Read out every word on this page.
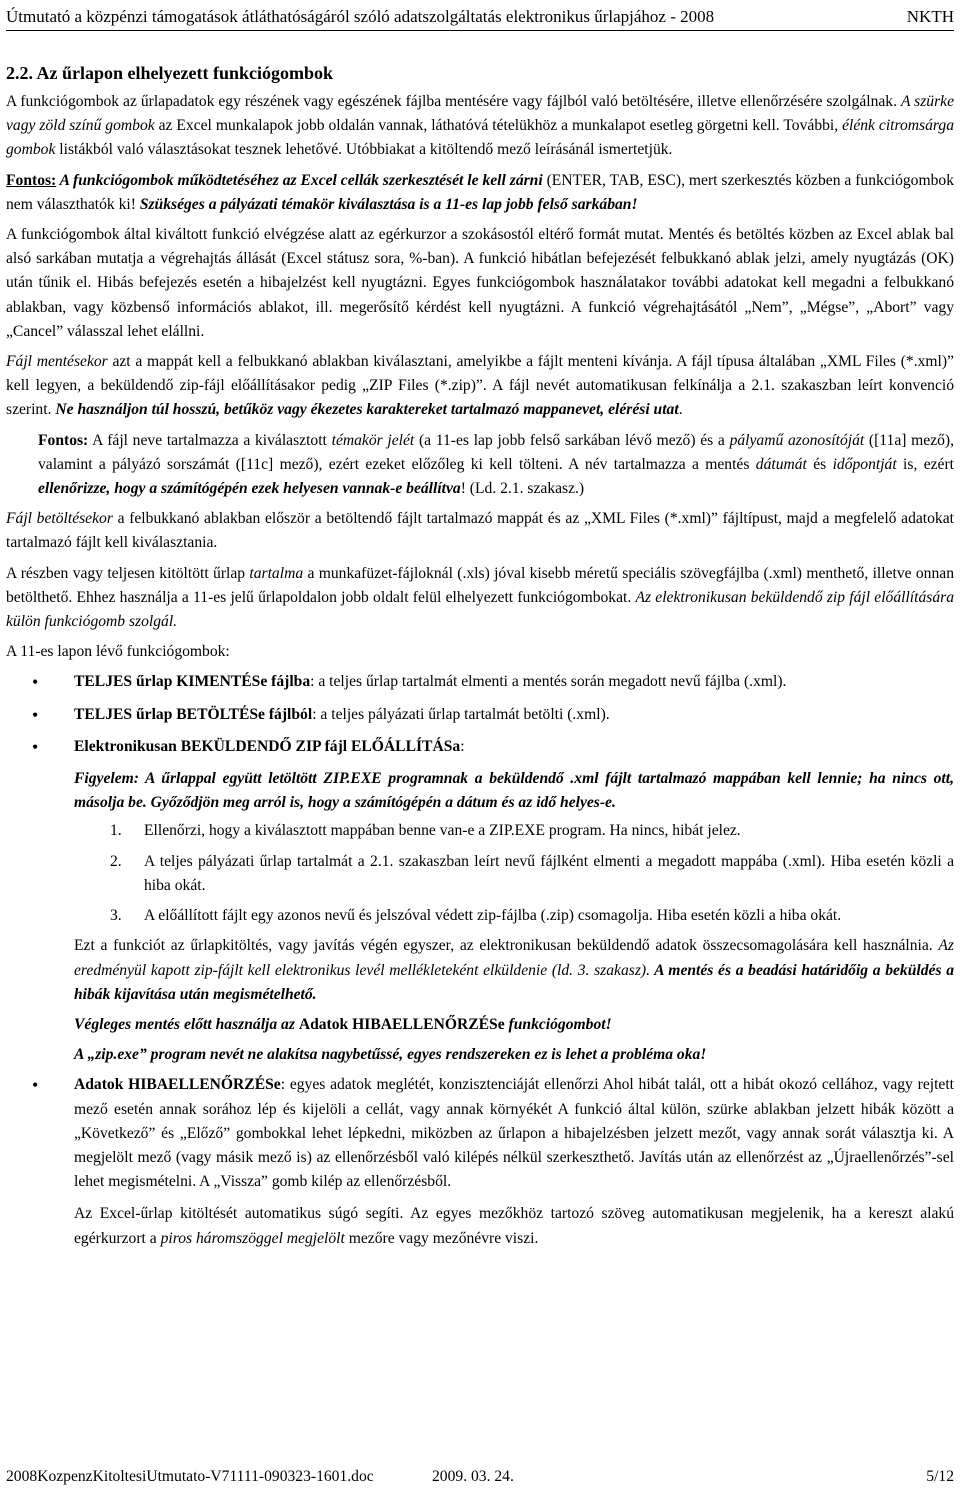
Útmutató a közpénzi támogatások átláthatóságáról szóló adatszolgáltatás elektronikus űrlapjához - 2008	NKTH
2.2. Az űrlapon elhelyezett funkciógombok

A funkciógombok az űrlapadatok egy részének vagy egészének fájlba mentésére vagy fájlból való betöltésére, illetve ellenőrzésére szolgálnak. A szürke vagy zöld színű gombok az Excel munkalapok jobb oldalán vannak, láthatóvá tételükhöz a munkalapot esetleg görgetni kell. További, élénk citromsárga gombok listákból való választásokat tesznek lehetővé. Utóbbiakat a kitöltendő mező leírásánál ismertetjük.

Fontos: A funkciógombok működtetéséhez az Excel cellák szerkesztését le kell zárni (ENTER, TAB, ESC), mert szerkesztés közben a funkciógombok nem választhatók ki! Szükséges a pályázati témakör kiválasztása is a 11-es lap jobb felső sarkában!

A funkciógombok által kiváltott funkció elvégzése alatt az egérkurzor a szokásostól eltérő formát mutat. Mentés és betöltés közben az Excel ablak bal alsó sarkában mutatja a végrehajtás állását (Excel státusz sora, %-ban). A funkció hibátlan befejezését felbukkanó ablak jelzi, amely nyugtázás (OK) után tűnik el. Hibás befejezés esetén a hibajelzést kell nyugtázni. Egyes funkciógombok használatakor további adatokat kell megadni a felbukkanó ablakban, vagy közbenső információs ablakot, ill. megerősítő kérdést kell nyugtázni. A funkció végrehajtásától „Nem”, „Mégse”, „Abort” vagy „Cancel” válasszal lehet elállni.

Fájl mentésekor azt a mappát kell a felbukkanó ablakban kiválasztani, amelyikbe a fájlt menteni kívánja. A fájl típusa általában „XML Files (*.xml)” kell legyen, a beküldendő zip-fájl előállításakor pedig „ZIP Files (*.zip)”. A fájl nevét automatikusan felkínálja a 2.1. szakaszban leírt konvenció szerint. Ne használjon túl hosszú, betűköz vagy ékezetes karaktereket tartalmazó mappanevet, elérési utat.

Fontos: A fájl neve tartalmazza a kiválasztott témakör jelét (a 11-es lap jobb felső sarkában lévő mező) és a pályamű azonosítóját ([11a] mező), valamint a pályázó sorszámát ([11c] mező), ezért ezeket előzőleg ki kell tölteni. A név tartalmazza a mentés dátumát és időpontját is, ezért ellenőrizze, hogy a számítógépén ezek helyesen vannak-e beállítva! (Ld. 2.1. szakasz.)

Fájl betöltésekor a felbukkanó ablakban először a betöltendő fájlt tartalmazó mappát és az „XML Files (*.xml)” fájltípust, majd a megfelelő adatokat tartalmazó fájlt kell kiválasztania.

A részben vagy teljesen kitöltött űrlap tartalma a munkafüzet-fájloknál (.xls) jóval kisebb méretű speciális szövegfájlba (.xml) menthető, illetve onnan betölthető. Ehhez használja a 11-es jelű űrlapoldalon jobb oldalt felül elhelyezett funkciógombokat. Az elektronikusan beküldendő zip fájl előállítására külön funkciógomb szolgál.

A 11-es lapon lévő funkciógombok:

• TELJES űrlap KIMENTÉSe fájlba: a teljes űrlap tartalmát elmenti a mentés során megadott nevű fájlba (.xml).
• TELJES űrlap BETÖLTÉSe fájlból: a teljes pályázati űrlap tartalmát betölti (.xml).
• Elektronikusan BEKÜLDENDŐ ZIP fájl ELŐÁLLÍTÁSa:

Figyelem: A űrlappal együtt letöltött ZIP.EXE programnak a beküldendő .xml fájlt tartalmazó mappában kell lennie; ha nincs ott, másolja be. Győződjön meg arról is, hogy a számítógépén a dátum és az idő helyes-e.

1.	Ellenőrzi, hogy a kiválasztott mappában benne van-e a ZIP.EXE program. Ha nincs, hibát jelez.
2.	A teljes pályázati űrlap tartalmát a 2.1. szakaszban leírt nevű fájlként elmenti a megadott mappába (.xml). Hiba esetén közli a hiba okát.
3.	A előállított fájlt egy azonos nevű és jelszóval védett zip-fájlba (.zip) csomagolja. Hiba esetén közli a hiba okát.

Ezt a funkciót az űrlapkitöltés, vagy javítás végén egyszer, az elektronikusan beküldendő adatok összecsomagolására kell használnia. Az eredményül kapott zip-fájlt kell elektronikus levél mellékleteként elküldenie (ld. 3. szakasz). A mentés és a beadási határidőig a beküldés a hibák kijavítása után megismételhető.

Végleges mentés előtt használja az Adatok HIBAELLENŐRZÉSe funkciógombot!

A „zip.exe” program nevét ne alakítsa nagybetűssé, egyes rendszereken ez is lehet a probléma oka!

• Adatok HIBAELLENŐRZÉSe: egyes adatok meglétét, konzisztenciáját ellenőrzi Ahol hibát talál, ott a hibát okozó cellához, vagy rejtett mező esetén annak sorához lép és kijelöli a cellát, vagy annak környékét A funkció által külön, szürke ablakban jelzett hibák között a „Következő” és „Előző” gombokkal lehet lépkedni, miközben az űrlapon a hibajelzésben jelzett mezőt, vagy annak sorát választja ki. A megjelölt mező (vagy másik mező is) az ellenőrzésből való kilépés nélkül szerkeszthető. Javítás után az ellenőrzést az „Újraellenőrzés”-sel lehet megismételni. A „Vissza” gomb kilép az ellenőrzésből.

Az Excel-űrlap kitöltését automatikus súgó segíti. Az egyes mezőkhöz tartozó szöveg automatikusan megjelenik, ha a kereszt alakú egérkurzort a piros háromszöggel megjelölt mezőre vagy mezőnévre viszi.

2008KozpenzKitoltesiUtmutato-V71111-090323-1601.doc	2009. 03. 24.	5/12
